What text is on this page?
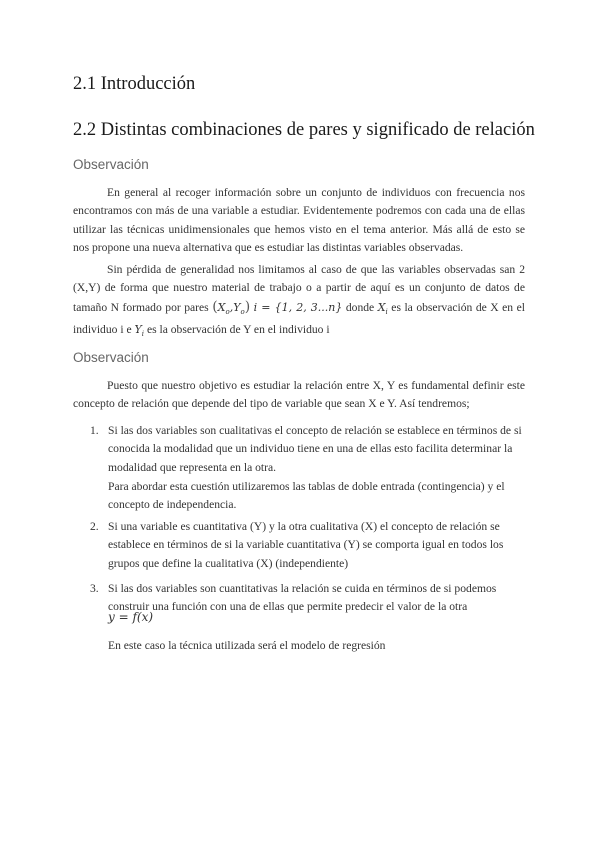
2.1 Introducción
2.2 Distintas combinaciones de pares y significado de relación

Observación

En general al recoger información sobre un conjunto de individuos con frecuencia nos encontramos con más de una variable a estudiar. Evidentemente podremos con cada una de ellas utilizar las técnicas unidimensionales que hemos visto en el tema anterior. Más allá de esto se nos propone una nueva alternativa que es estudiar las distintas variables observadas.

Sin pérdida de generalidad nos limitamos al caso de que las variables observadas san 2 (X,Y) de forma que nuestro material de trabajo o a partir de aquí es un conjunto de datos de tamaño N formado por pares $(X_o,Y_o) i = \{1$, 2, 3...n} donde $X_i$ es la observación de X en el individuo i e $Y_i$ es la observación de Y en el individuo i

Observación

Puesto que nuestro objetivo es estudiar la relación entre X, Y es fundamental definir este concepto de relación que depende del tipo de variable que sean X e Y. Así tendremos;

1. Si las dos variables son cualitativas el concepto de relación se establece en términos de si conocida la modalidad que un individuo tiene en una de ellas esto facilita determinar la modalidad que representa en la otra.
Para abordar esta cuestión utilizaremos las tablas de doble entrada (contingencia) y el concepto de independencia.
2. Si una variable es cuantitativa (Y) y la otra cualitativa (X) el concepto de relación se establece en términos de si la variable cuantitativa (Y) se comporta igual en todos los grupos que define la cualitativa (X) (independiente)
3. Si las dos variables son cuantitativas la relación se cuida en términos de si podemos construir una función con una de ellas que permite predecir el valor de la otra
y = f(x)
En este caso la técnica utilizada será el modelo de regresión
